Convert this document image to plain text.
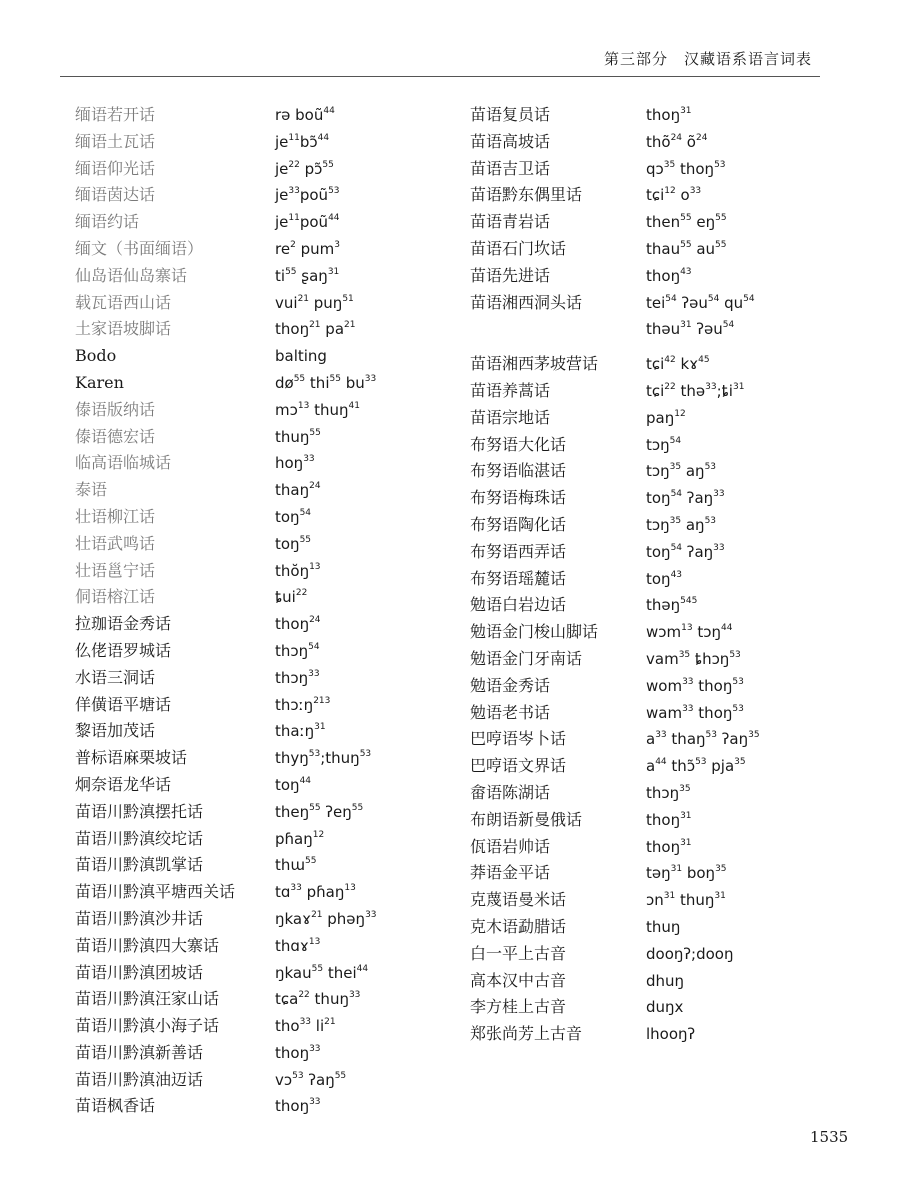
第三部分　汉藏语系语言词表
缅语若开话	rə boũ$^{44}$
缅语土瓦话	$je^{11}bɔ̃^{44}$
缅语仰光话	$je^{22}$ pɔ̃$^{55}$
缅语茵达话	$je^{33}poũ^{53}$
缅语约话	$je^{11}poũ^{44}$
缅文（书面缅语）	$re^2$ pum$^3$
仙岛语仙岛寨话	$ti^{55}$ ʂaŋ$^{31}$
载瓦语西山话	vui$^{21}$ puŋ$^{51}$
土家语坡脚话	thoŋ$^{21}$ $pa^{21}$
Bodo	balting
Karen	$dø^{55}$ thi$^{55}$ $bu^{33}$
傣语版纳话	mɔ$^{13}$ thuŋ$^{41}$
傣语德宏话	thuŋ$^{55}$
临高语临城话	hoŋ$^{33}$
泰语	thaŋ$^{24}$
壮语柳江话	toŋ$^{54}$
壮语武鸣话	toŋ$^{55}$
壮语邕宁话	thŏŋ$^{13}$
侗语榕江话	ȶui$^{22}$
拉珈语金秀话	thoŋ$^{24}$
仫佬语罗城话	thɔŋ$^{54}$
水语三洞话	thɔŋ$^{33}$
佯僙语平塘话	thɔːŋ$^{213}$
黎语加茂话	thaːŋ$^{31}$
普标语麻栗坡话	thyŋ$^{53}$;thuŋ$^{53}$
炯奈语龙华话	toŋ$^{44}$
苗语川黔滇摆托话	theŋ$^{55}$ ʔeŋ$^{55}$
苗语川黔滇绞坨话	pɦaŋ$^{12}$
苗语川黔滇凯掌话	thɯ$^{55}$
苗语川黔滇平塘西关话	tɑ$^{33}$ pɦaŋ$^{13}$
苗语川黔滇沙井话	ŋkaɤ$^{21}$ phəŋ$^{33}$
苗语川黔滇四大寨话	thɑɤ$^{13}$
苗语川黔滇团坡话	ŋkau$^{55}$ thei$^{44}$
苗语川黔滇汪家山话	tɕa$^{22}$ thuŋ$^{33}$
苗语川黔滇小海子话	tho$^{33}$ $li^{21}$
苗语川黔滇新善话	thoŋ$^{33}$
苗语川黔滇油迈话	vɔ$^{53}$ ʔaŋ$^{55}$
苗语枫香话	thoŋ$^{33}$
苗语复员话	thoŋ$^{31}$
苗语高坡话	thõ$^{24}$ $õ^{24}$
苗语吉卫话	qɔ$^{35}$ thoŋ$^{53}$
苗语黔东偶里话	tɕi$^{12}$ $o^{33}$
苗语青岩话	then$^{55}$ $eŋ^{55}$
苗语石门坎话	thau$^{55}$ $au^{55}$
苗语先进话	thoŋ$^{43}$
苗语湘西洞头话	tei$^{54}$ ʔəu$^{54}$ $qu^{54}$
thəu$^{31}$ ʔəu$^{54}$
苗语湘西茅坡营话	tɕi$^{42}$ kɤ$^{45}$
苗语养蒿话	tɕi$^{22}$ $thə^{33};ȶi^{31}$
苗语宗地话	paŋ$^{12}$
布努语大化话	tɔŋ$^{54}$
布努语临湛话	tɔŋ$^{35}$ $aŋ^{53}$
布努语梅珠话	toŋ$^{54}$ ʔaŋ$^{33}$
布努语陶化话	tɔŋ$^{35}$ $aŋ^{53}$
布努语西弄话	toŋ$^{54}$ ʔaŋ$^{33}$
布努语瑶麓话	toŋ$^{43}$
勉语白岩边话	thəŋ$^{545}$
勉语金门梭山脚话	wɔm$^{13}$ tɔŋ$^{44}$
勉语金门牙南话	vam$^{35}$ ȶhɔŋ$^{53}$
勉语金秀话	wom$^{33}$ thoŋ$^{53}$
勉语老书话	wam$^{33}$ thoŋ$^{53}$
巴哼语岑卜话	$a^{33}$ thaŋ$^{53}$ ʔaŋ$^{35}$
巴哼语文界话	$a^{44}$ thɔ̃$^{53}$ pja$^{35}$
畲语陈湖话	thɔŋ$^{35}$
布朗语新曼俄话	thoŋ$^{31}$
佤语岩帅话	thoŋ$^{31}$
莽语金平话	təŋ$^{31}$ boŋ$^{35}$
克蔑语曼米话	ɔn$^{31}$ thuŋ$^{31}$
克木语勐腊话	thuŋ
白一平上古音	dooŋʔ;dooŋ
高本汉中古音	dhuŋ
李方桂上古音	duŋx
郑张尚芳上古音	lhooŋʔ
1535
